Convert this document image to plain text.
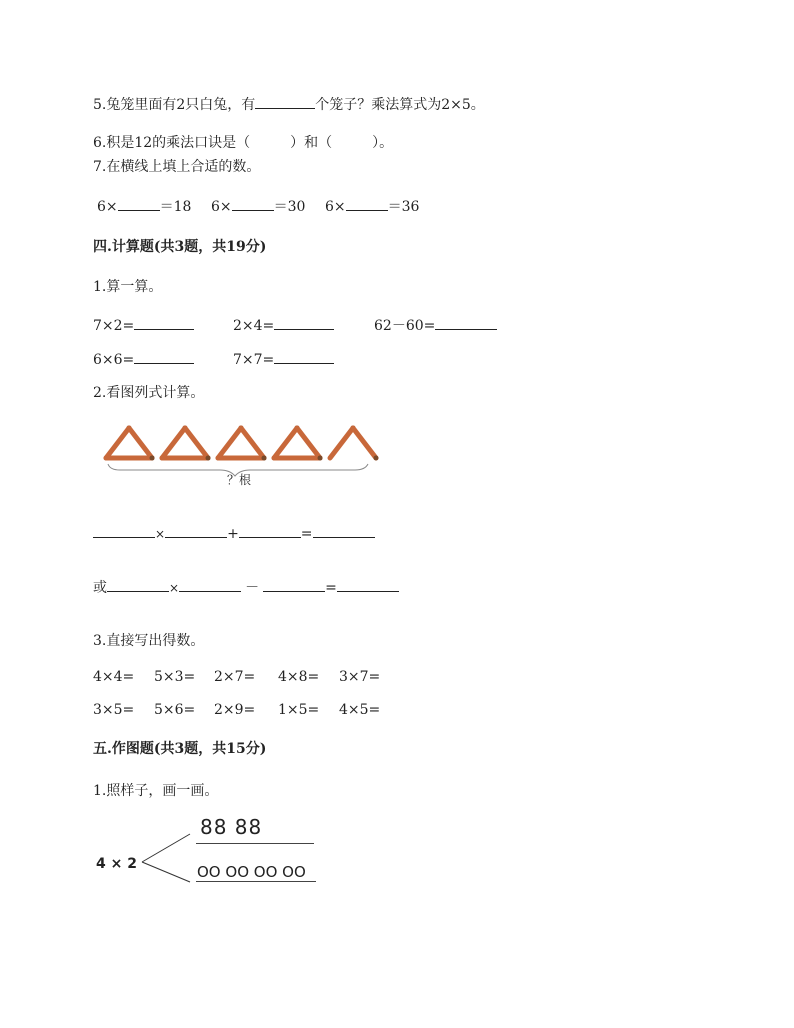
5.兔笼里面有2只白兔，有	个笼子？乘法算式为2×5。
6.积是12的乘法口诀是（	）和（	）。
7.在横线上填上合适的数。
6×	＝18 6×	＝30 6×	＝36
四.计算题(共3题，共19分)
1.算一算。
7×2=	2×4=	62－60=
6×6=	7×7=
2.看图列式计算。
？根
×	+	=
或	×	－	=
3.直接写出得数。
4×4= 5×3= 2×7= 4×8= 3×7=
3×5= 5×6= 2×9= 1×5= 4×5=
五.作图题(共3题，共15分)
1.照样子，画一画。
4 × 2
88 88
OO OO OO OO
